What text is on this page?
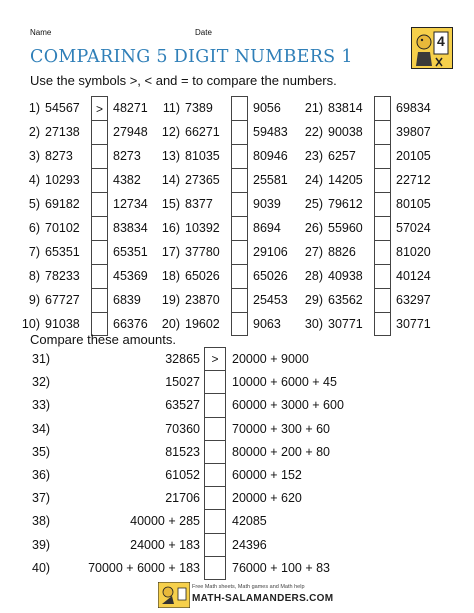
Name	Date
4
COMPARING 5 DIGIT NUMBERS 1
Use the symbols >, < and = to compare the numbers.
1) 54567	> 48271
2) 27138	27948
3) 8273	8273
4) 10293	4382
5) 69182	12734
6) 70102	83834
7) 65351	65351
8) 78233	45369
9) 67727	6839
10) 91038	66376
11) 7389	9056
12) 66271	59483
13) 81035	80946
14) 27365	25581
15) 8377	9039
16) 10392	8694
17) 37780	29106
18) 65026	65026
19) 23870	25453
20) 19602	9063
21) 83814	69834
22) 90038	39807
23) 6257	20105
24) 14205	22712
25) 79612	80105
26) 55960	57024
27) 8826	81020
28) 40938	40124
29) 63562	63297
30) 30771	30771
Compare these amounts.
31)	32865 >	20000 + 9000
32)	15027	10000 + 6000 + 45
33)	63527	60000 + 3000 + 600
34)	70360	70000 + 300 + 60
35)	81523	80000 + 200 + 80
36)	61052	60000 + 152
37)	21706	20000 + 620
38)	40000 + 285	42085
39)	24000 + 183	24396
40)	70000 + 6000 + 183	76000 + 100 + 83
Free Math sheets, Math games and Math help
MATH-SALAMANDERS.COM
